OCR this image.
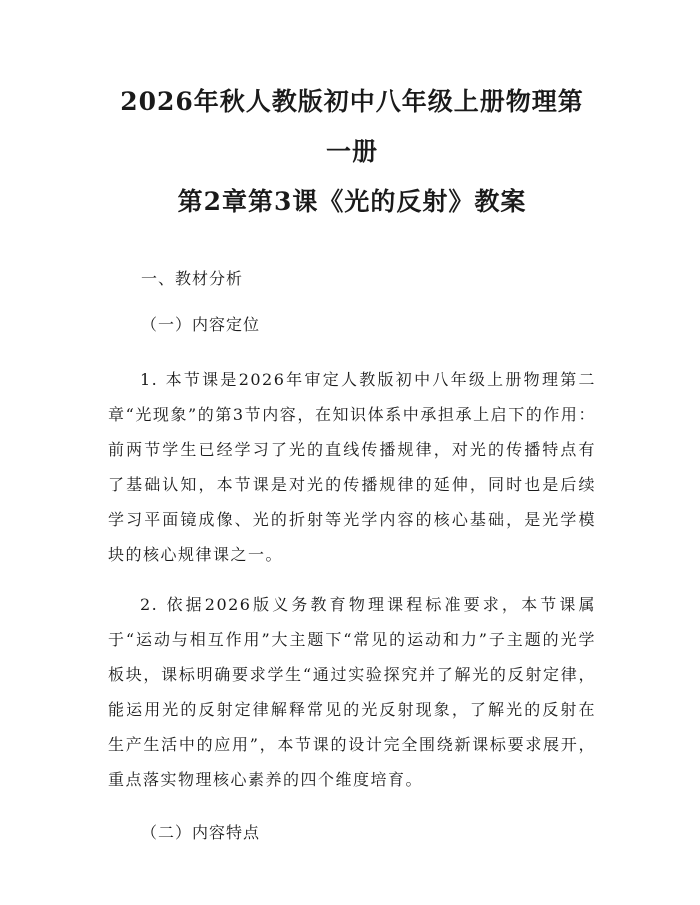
2026年秋人教版初中八年级上册物理第一册
第2章第3课《光的反射》教案

一、教材分析

（一）内容定位

1. 本节课是2026年审定人教版初中八年级上册物理第二章“光现象”的第3节内容，在知识体系中承担承上启下的作用：前两节学生已经学习了光的直线传播规律，对光的传播特点有了基础认知，本节课是对光的传播规律的延伸，同时也是后续学习平面镜成像、光的折射等光学内容的核心基础，是光学模块的核心规律课之一。

2. 依据2026版义务教育物理课程标准要求，本节课属于“运动与相互作用”大主题下“常见的运动和力”子主题的光学板块，课标明确要求学生“通过实验探究并了解光的反射定律，能运用光的反射定律解释常见的光反射现象，了解光的反射在生产生活中的应用”，本节课的设计完全围绕新课标要求展开，重点落实物理核心素养的四个维度培育。

（二）内容特点
